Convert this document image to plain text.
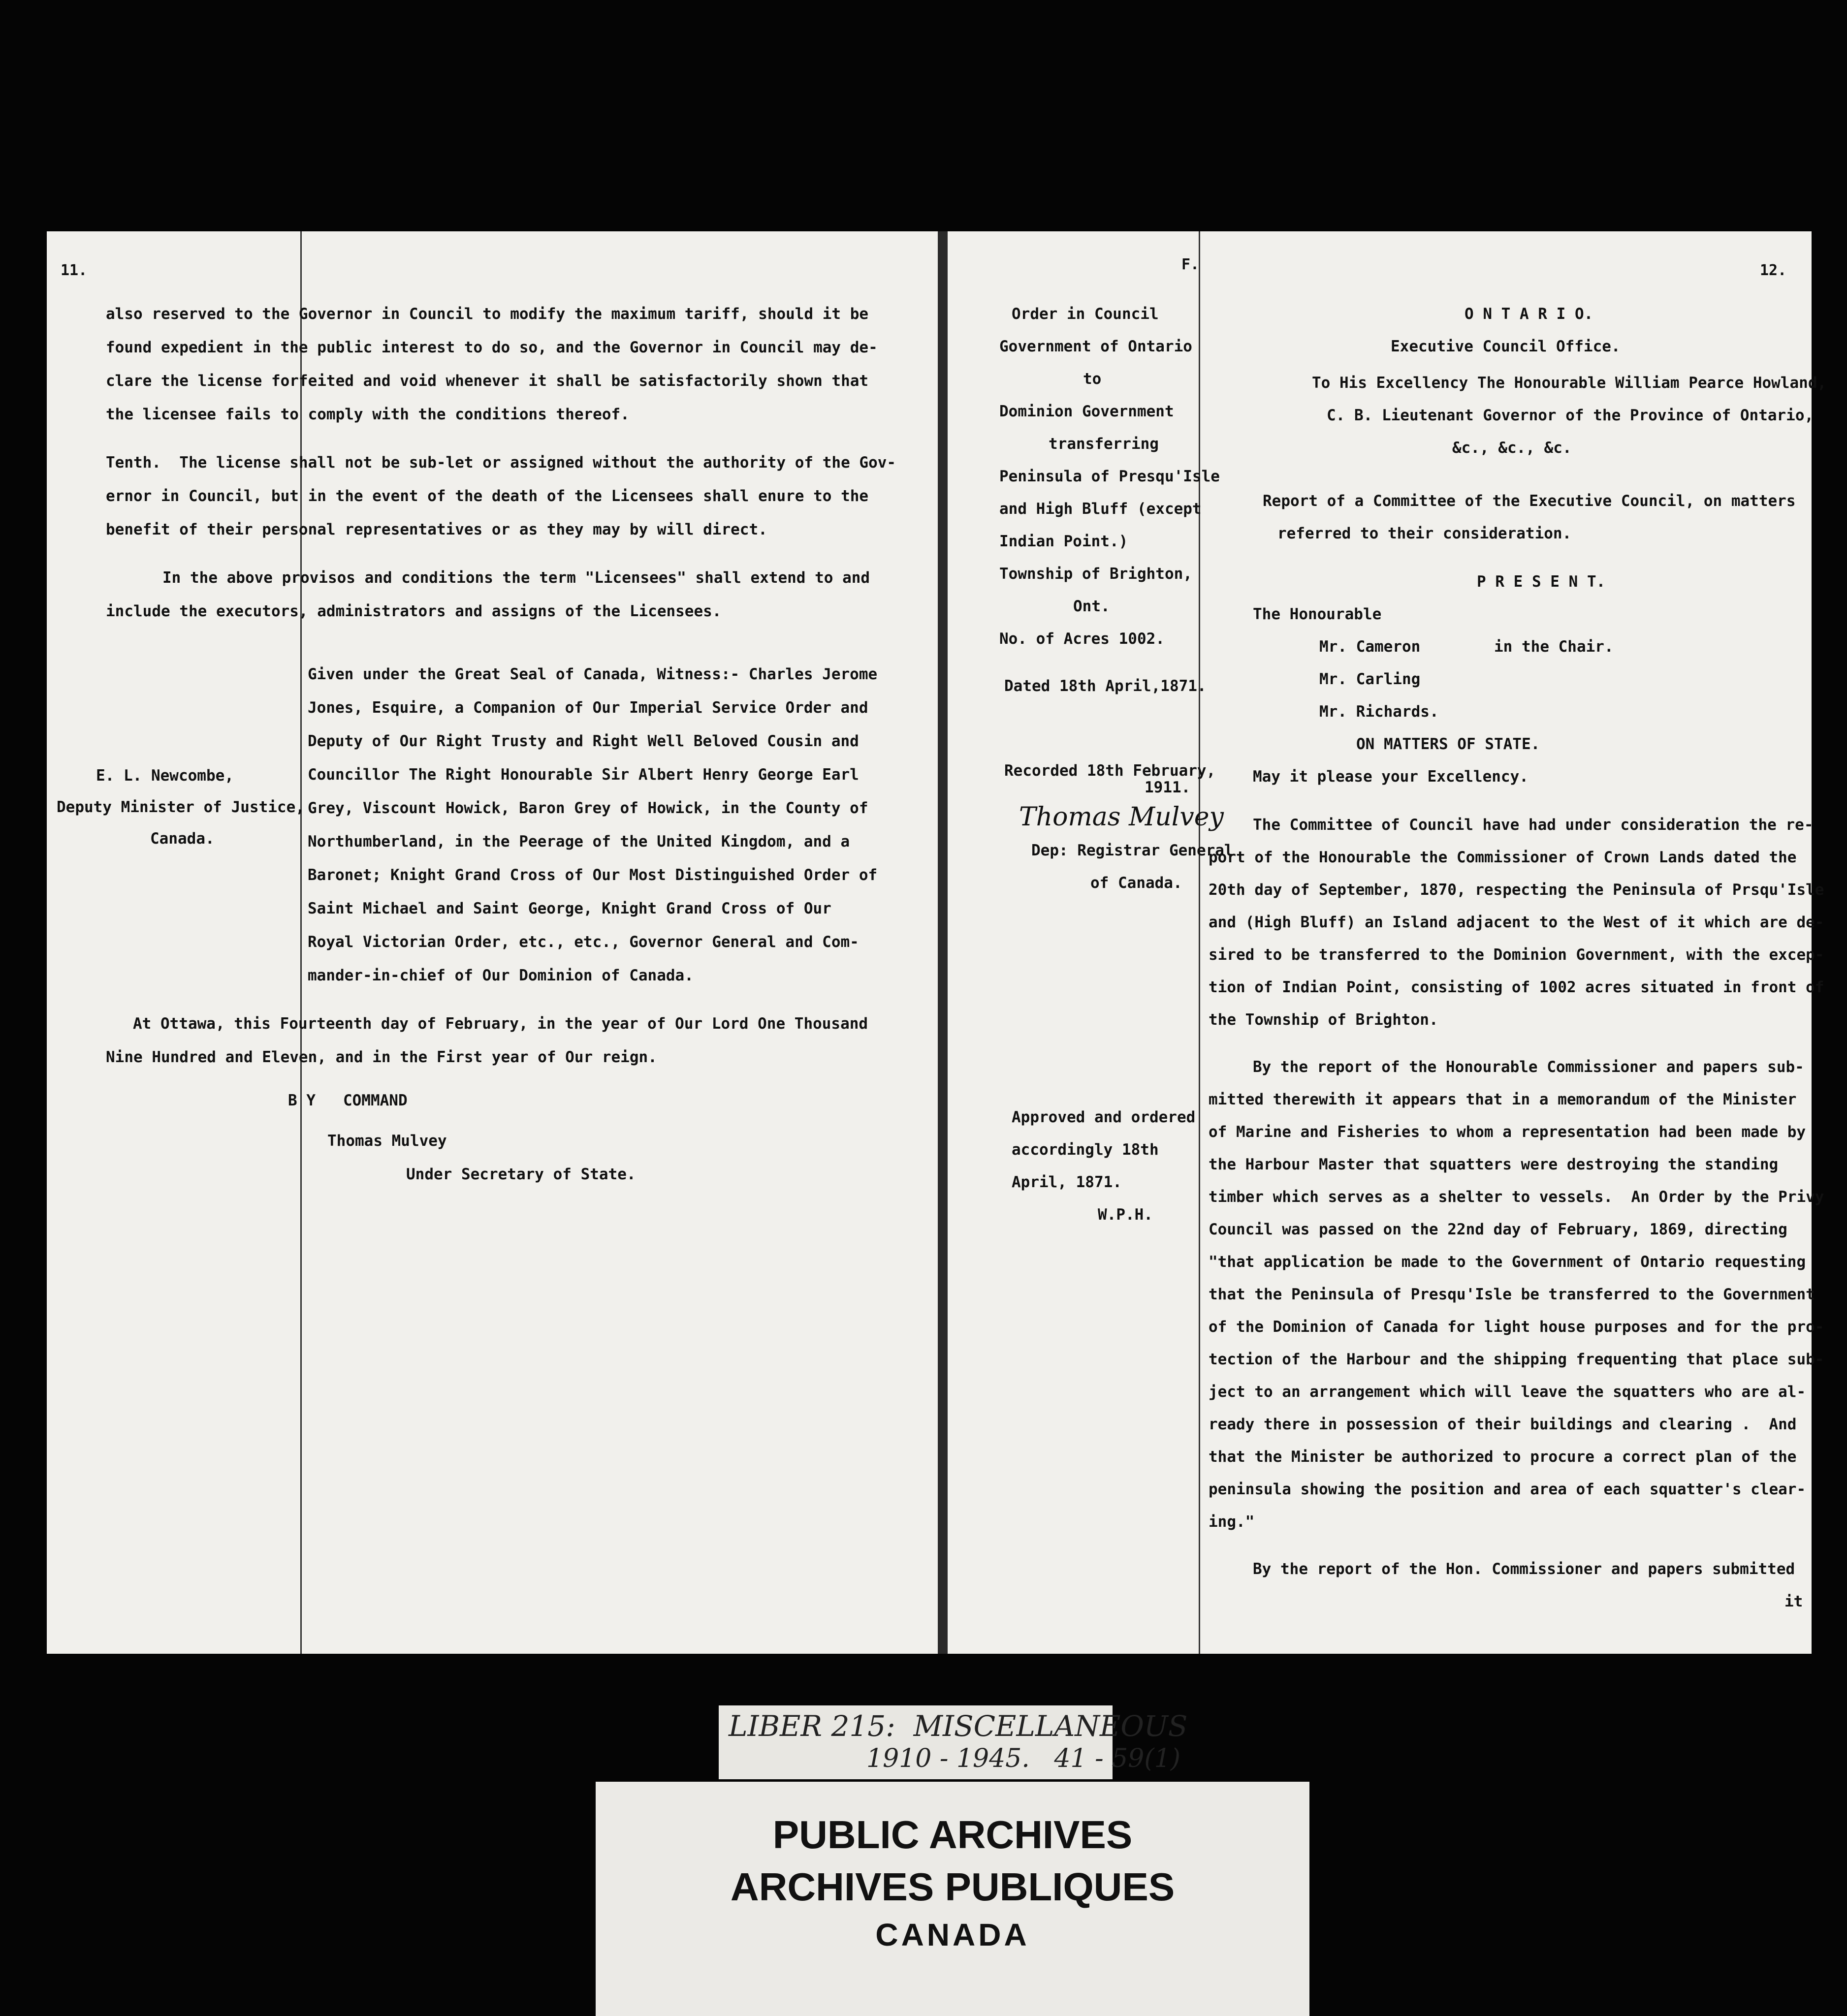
11.
also reserved to the Governor in Council to modify the maximum tariff, should it be
found expedient in the public interest to do so, and the Governor in Council may de-
clare the license forfeited and void whenever it shall be satisfactorily shown that
the licensee fails to comply with the conditions thereof.
Tenth.  The license shall not be sub-let or assigned without the authority of the Gov-
ernor in Council, but in the event of the death of the Licensees shall enure to the
benefit of their personal representatives or as they may by will direct.
In the above provisos and conditions the term "Licensees" shall extend to and
include the executors, administrators and assigns of the Licensees.
Given under the Great Seal of Canada, Witness:- Charles Jerome
Jones, Esquire, a Companion of Our Imperial Service Order and
Deputy of Our Right Trusty and Right Well Beloved Cousin and
Councillor The Right Honourable Sir Albert Henry George Earl
Grey, Viscount Howick, Baron Grey of Howick, in the County of
Northumberland, in the Peerage of the United Kingdom, and a
Baronet; Knight Grand Cross of Our Most Distinguished Order of
Saint Michael and Saint George, Knight Grand Cross of Our
Royal Victorian Order, etc., etc., Governor General and Com-
mander-in-chief of Our Dominion of Canada.
E. L. Newcombe,
Deputy Minister of Justice,
Canada.
At Ottawa, this Fourteenth day of February, in the year of Our Lord One Thousand
Nine Hundred and Eleven, and in the First year of Our reign.
B Y   COMMAND
Thomas Mulvey
Under Secretary of State.
F.	12.
Order in Council
Government of Ontario
to
Dominion Government
transferring
Peninsula of Presqu'Isle
and High Bluff (except
Indian Point.)
Township of Brighton,
Ont.
No. of Acres 1002.
Dated 18th April,1871.
Recorded 18th February,
1911.
Thomas Mulvey
Dep: Registrar General
of Canada.
Approved and ordered
accordingly 18th
April, 1871.
W.P.H.
O N T A R I O.
Executive Council Office.
To His Excellency The Honourable William Pearce Howland,
C. B. Lieutenant Governor of the Province of Ontario,
&c., &c., &c.
Report of a Committee of the Executive Council, on matters
referred to their consideration.
P R E S E N T.
The Honourable
Mr. Cameron	in the Chair.
Mr. Carling
Mr. Richards.
ON MATTERS OF STATE.
May it please your Excellency.
The Committee of Council have had under consideration the re-
port of the Honourable the Commissioner of Crown Lands dated the
20th day of September, 1870, respecting the Peninsula of Prsqu'Isle
and (High Bluff) an Island adjacent to the West of it which are de-
sired to be transferred to the Dominion Government, with the excep-
tion of Indian Point, consisting of 1002 acres situated in front of
the Township of Brighton.
By the report of the Honourable Commissioner and papers sub-
mitted therewith it appears that in a memorandum of the Minister
of Marine and Fisheries to whom a representation had been made by
the Harbour Master that squatters were destroying the standing
timber which serves as a shelter to vessels.  An Order by the Privy
Council was passed on the 22nd day of February, 1869, directing
"that application be made to the Government of Ontario requesting
that the Peninsula of Presqu'Isle be transferred to the Government
of the Dominion of Canada for light house purposes and for the pro-
tection of the Harbour and the shipping frequenting that place sub-
ject to an arrangement which will leave the squatters who are al-
ready there in possession of their buildings and clearing .  And
that the Minister be authorized to procure a correct plan of the
peninsula showing the position and area of each squatter's clear-
ing."
By the report of the Hon. Commissioner and papers submitted
it
LIBER 215:  MISCELLANEOUS
1910 - 1945.   41 - 59(1)
PUBLIC ARCHIVES
ARCHIVES PUBLIQUES
CANADA
